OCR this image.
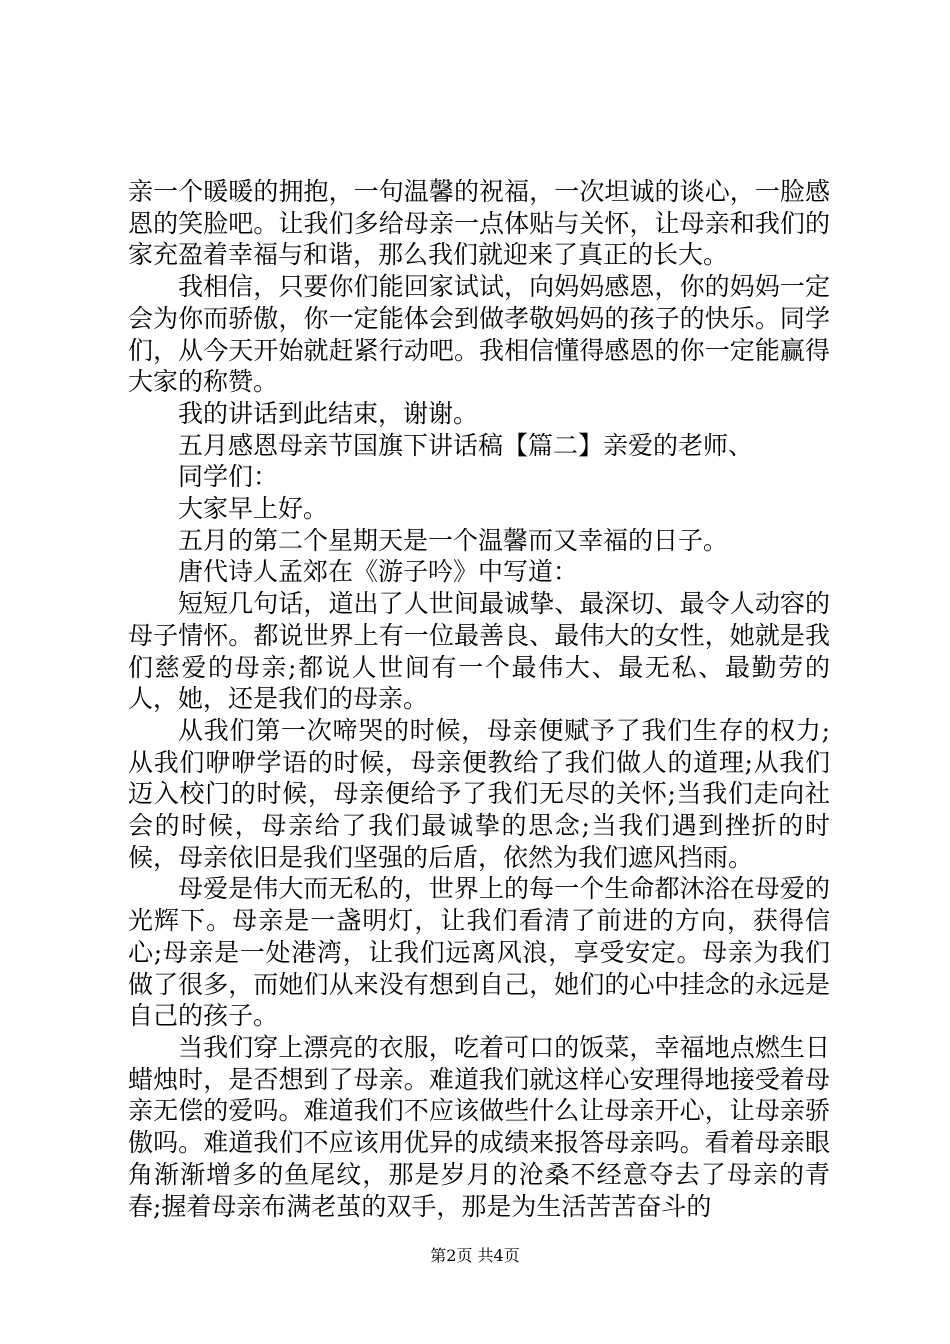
亲一个暖暖的拥抱，一句温馨的祝福，一次坦诚的谈心，一脸感恩的笑脸吧。让我们多给母亲一点体贴与关怀，让母亲和我们的家充盈着幸福与和谐，那么我们就迎来了真正的长大。

我相信，只要你们能回家试试，向妈妈感恩，你的妈妈一定会为你而骄傲，你一定能体会到做孝敬妈妈的孩子的快乐。同学们，从今天开始就赶紧行动吧。我相信懂得感恩的你一定能赢得大家的称赞。

我的讲话到此结束，谢谢。

五月感恩母亲节国旗下讲话稿【篇二】亲爱的老师、

同学们：

大家早上好。

五月的第二个星期天是一个温馨而又幸福的日子。

唐代诗人孟郊在《游子吟》中写道：

短短几句话，道出了人世间最诚挚、最深切、最令人动容的母子情怀。都说世界上有一位最善良、最伟大的女性，她就是我们慈爱的母亲;都说人世间有一个最伟大、最无私、最勤劳的人，她，还是我们的母亲。

从我们第一次啼哭的时候，母亲便赋予了我们生存的权力;从我们咿咿学语的时候，母亲便教给了我们做人的道理;从我们迈入校门的时候，母亲便给予了我们无尽的关怀;当我们走向社会的时候，母亲给了我们最诚挚的思念;当我们遇到挫折的时候，母亲依旧是我们坚强的后盾，依然为我们遮风挡雨。

母爱是伟大而无私的，世界上的每一个生命都沐浴在母爱的光辉下。母亲是一盏明灯，让我们看清了前进的方向，获得信心;母亲是一处港湾，让我们远离风浪，享受安定。母亲为我们做了很多，而她们从来没有想到自己，她们的心中挂念的永远是自己的孩子。

当我们穿上漂亮的衣服，吃着可口的饭菜，幸福地点燃生日蜡烛时，是否想到了母亲。难道我们就这样心安理得地接受着母亲无偿的爱吗。难道我们不应该做些什么让母亲开心，让母亲骄傲吗。难道我们不应该用优异的成绩来报答母亲吗。看着母亲眼角渐渐增多的鱼尾纹，那是岁月的沧桑不经意夺去了母亲的青春;握着母亲布满老茧的双手，那是为生活苦苦奋斗的

第2页 共4页
